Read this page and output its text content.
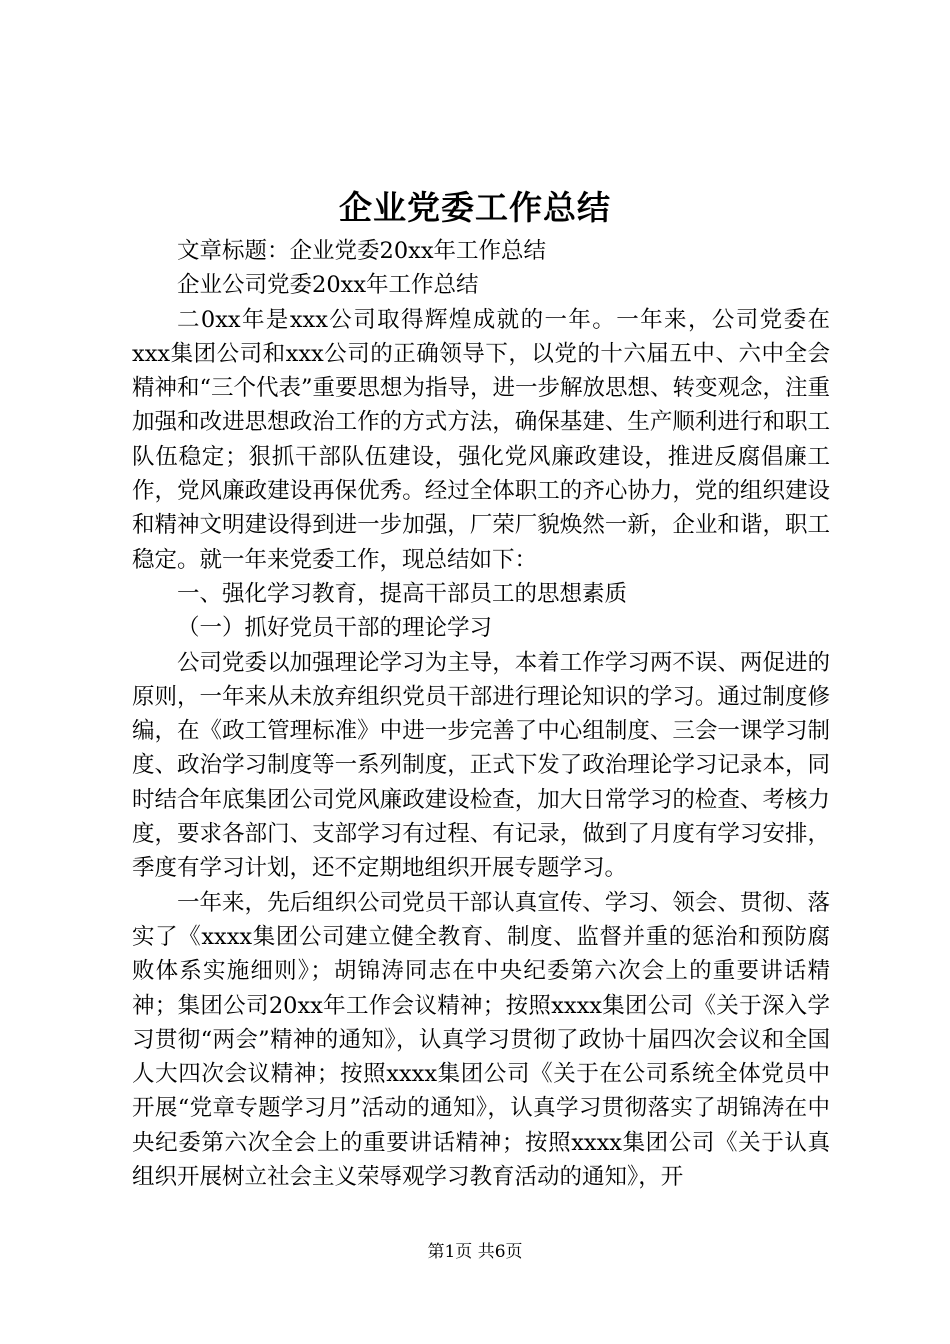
企业党委工作总结

文章标题：企业党委20xx年工作总结

企业公司党委20xx年工作总结

二0xx年是xxx公司取得辉煌成就的一年。一年来，公司党委在xxx集团公司和xxx公司的正确领导下，以党的十六届五中、六中全会精神和“三个代表”重要思想为指导，进一步解放思想、转变观念，注重加强和改进思想政治工作的方式方法，确保基建、生产顺利进行和职工队伍稳定；狠抓干部队伍建设，强化党风廉政建设，推进反腐倡廉工作，党风廉政建设再保优秀。经过全体职工的齐心协力，党的组织建设和精神文明建设得到进一步加强，厂荣厂貌焕然一新，企业和谐，职工稳定。就一年来党委工作，现总结如下：

一、强化学习教育，提高干部员工的思想素质

（一）抓好党员干部的理论学习

公司党委以加强理论学习为主导，本着工作学习两不误、两促进的原则，一年来从未放弃组织党员干部进行理论知识的学习。通过制度修编，在《政工管理标准》中进一步完善了中心组制度、三会一课学习制度、政治学习制度等一系列制度，正式下发了政治理论学习记录本，同时结合年底集团公司党风廉政建设检查，加大日常学习的检查、考核力度，要求各部门、支部学习有过程、有记录，做到了月度有学习安排，季度有学习计划，还不定期地组织开展专题学习。

一年来，先后组织公司党员干部认真宣传、学习、领会、贯彻、落实了《xxxx集团公司建立健全教育、制度、监督并重的惩治和预防腐败体系实施细则》；胡锦涛同志在中央纪委第六次会上的重要讲话精神；集团公司20xx年工作会议精神；按照xxxx集团公司《关于深入学习贯彻“两会”精神的通知》，认真学习贯彻了政协十届四次会议和全国人大四次会议精神；按照xxxx集团公司《关于在公司系统全体党员中开展“党章专题学习月”活动的通知》，认真学习贯彻落实了胡锦涛在中央纪委第六次全会上的重要讲话精神；按照xxxx集团公司《关于认真组织开展树立社会主义荣辱观学习教育活动的通知》，开

第1页 共6页
